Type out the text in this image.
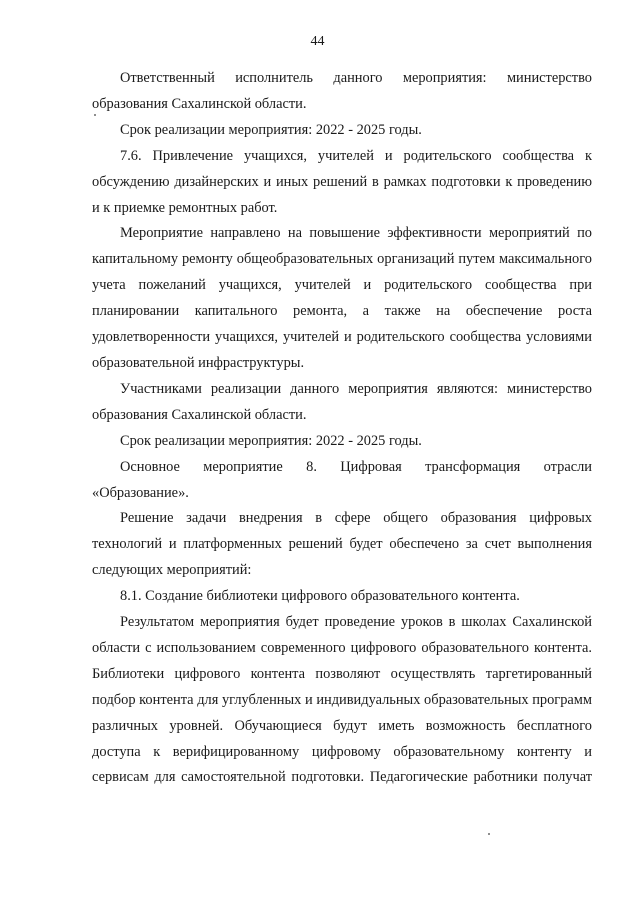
44

Ответственный исполнитель данного мероприятия: министерство образования Сахалинской области.

Срок реализации мероприятия: 2022 - 2025 годы.

7.6. Привлечение учащихся, учителей и родительского сообщества к обсуждению дизайнерских и иных решений в рамках подготовки к проведению и к приемке ремонтных работ.

Мероприятие направлено на повышение эффективности мероприятий по капитальному ремонту общеобразовательных организаций путем максимального учета пожеланий учащихся, учителей и родительского сообщества при планировании капитального ремонта, а также на обеспечение роста удовлетворенности учащихся, учителей и родительского сообщества условиями образовательной инфраструктуры.

Участниками реализации данного мероприятия являются: министерство образования Сахалинской области.

Срок реализации мероприятия: 2022 - 2025 годы.

Основное мероприятие 8. Цифровая трансформация отрасли «Образование».

Решение задачи внедрения в сфере общего образования цифровых технологий и платформенных решений будет обеспечено за счет выполнения следующих мероприятий:

8.1. Создание библиотеки цифрового образовательного контента.

Результатом мероприятия будет проведение уроков в школах Сахалинской области с использованием современного цифрового образовательного контента. Библиотеки цифрового контента позволяют осуществлять таргетированный подбор контента для углубленных и индивидуальных образовательных программ различных уровней. Обучающиеся будут иметь возможность бесплатного доступа к верифицированному цифровому образовательному контенту и сервисам для самостоятельной подготовки. Педагогические работники получат
